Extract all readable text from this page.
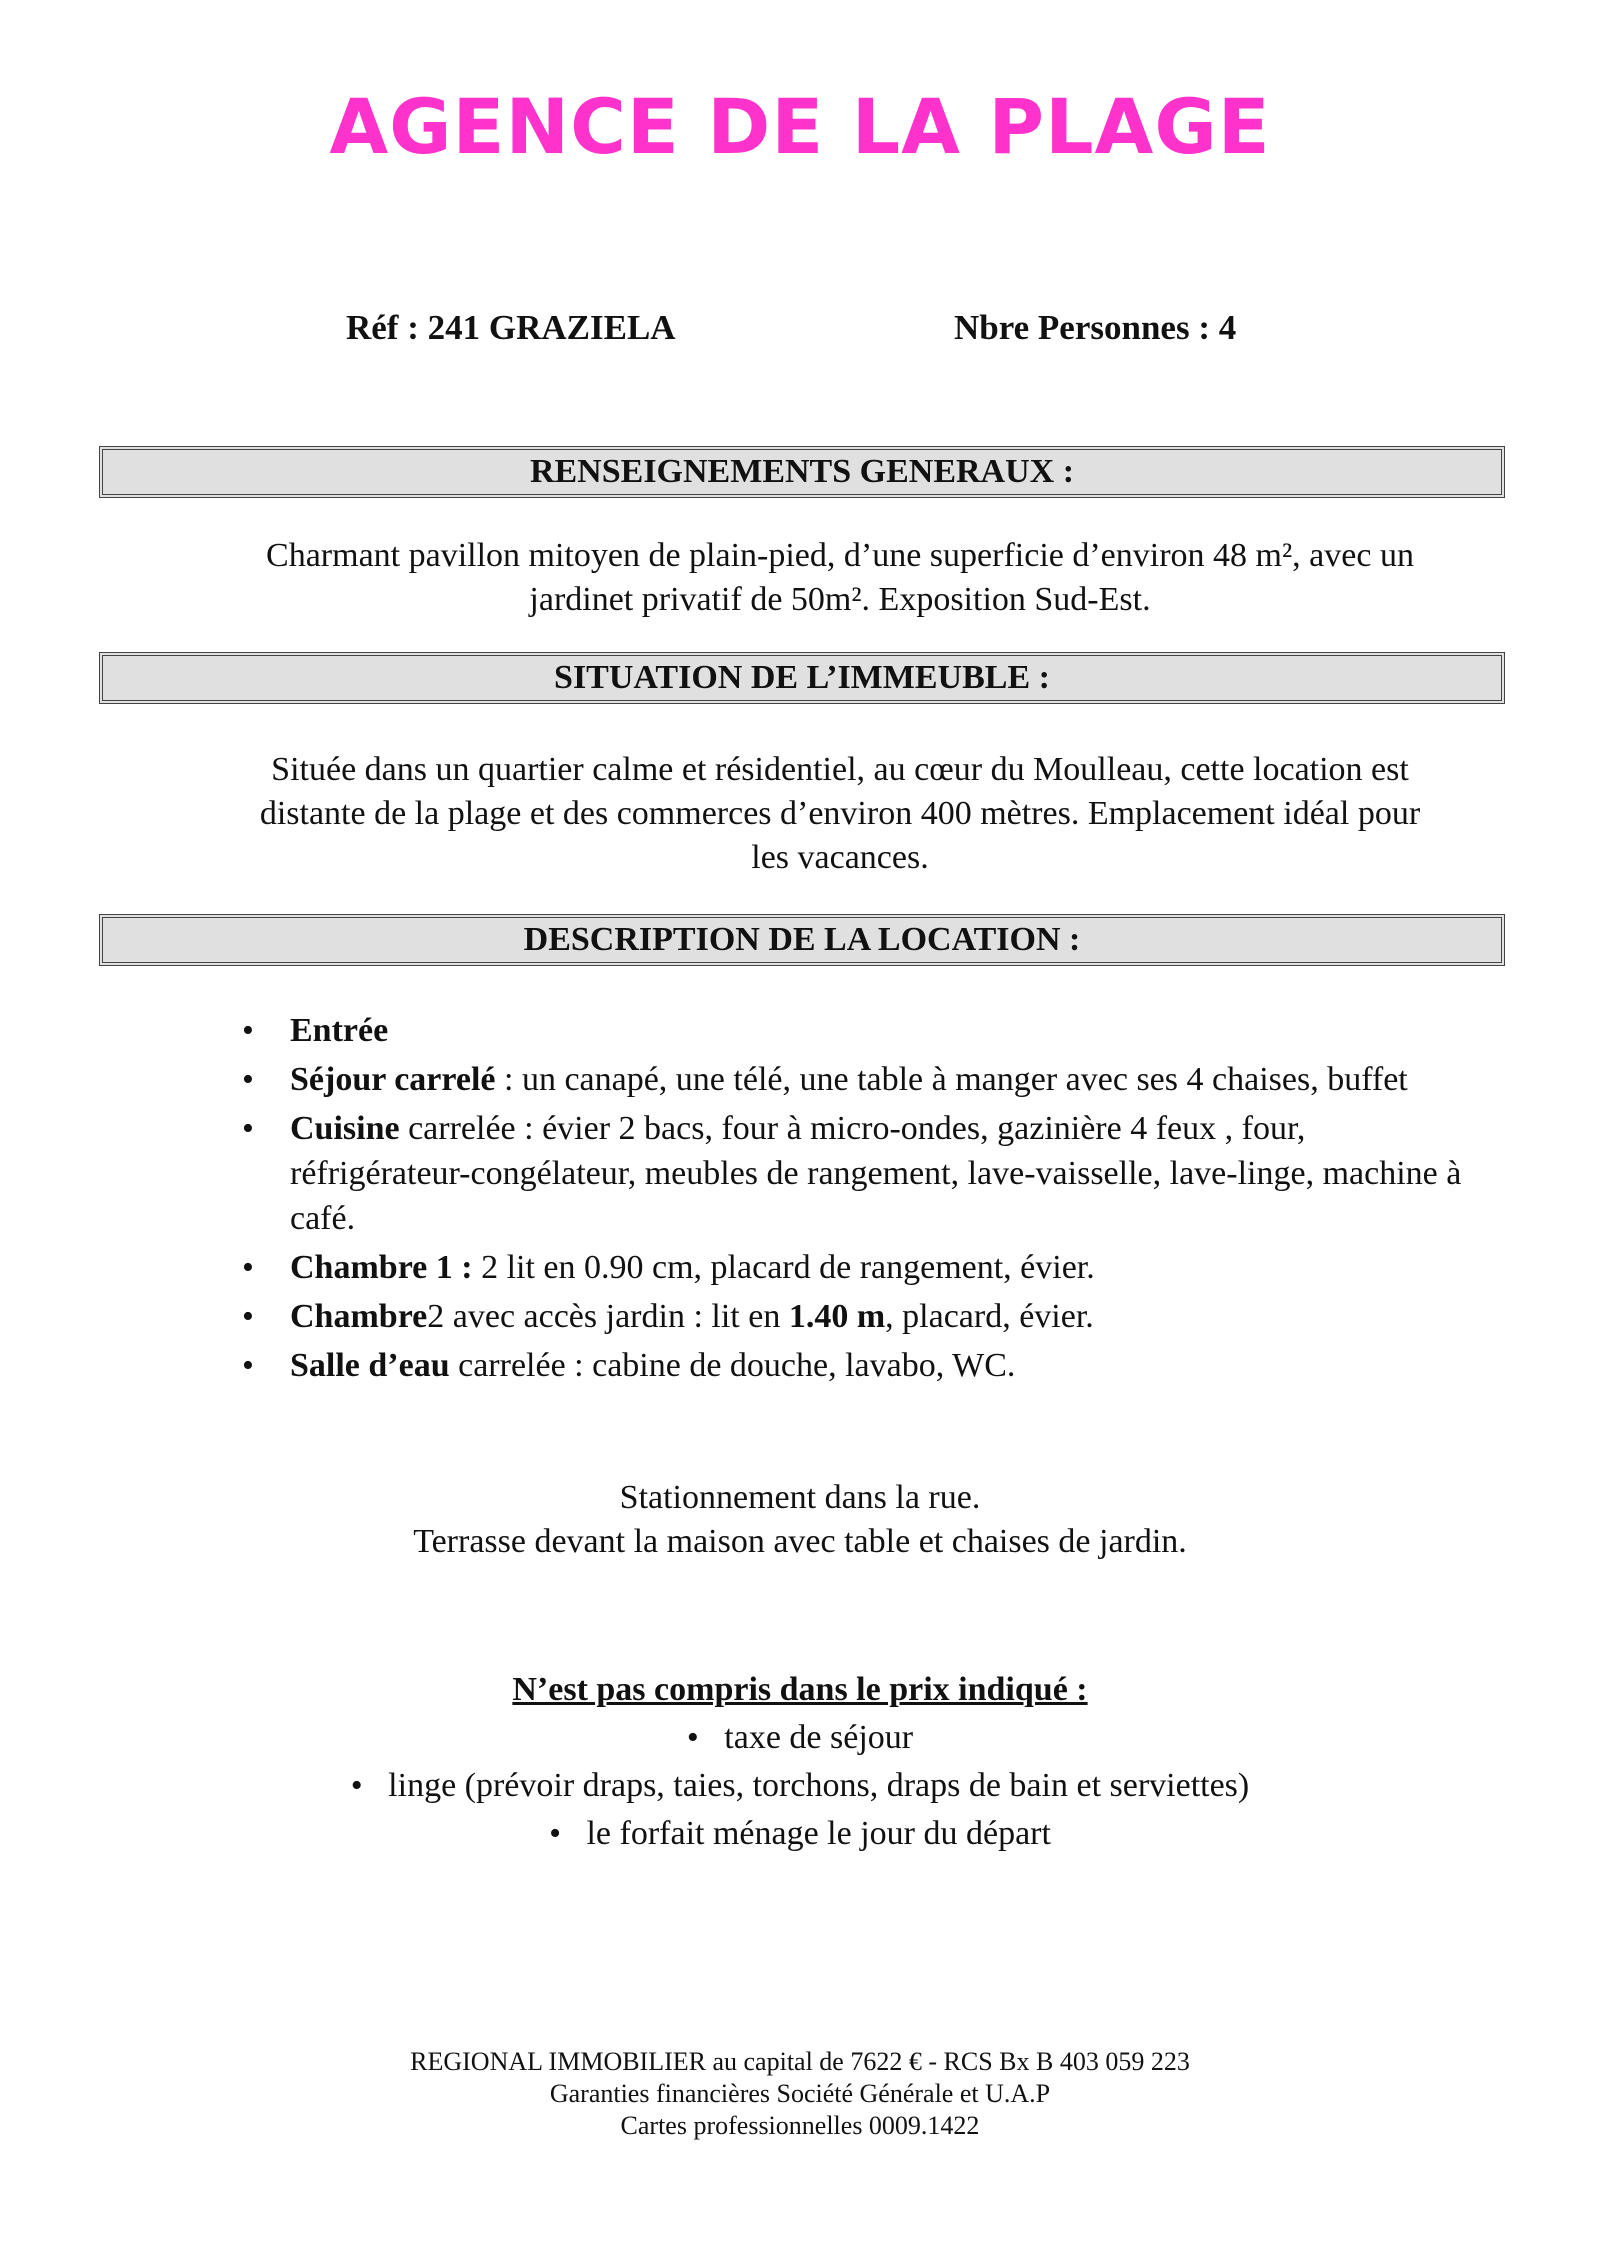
AGENCE DE LA PLAGE
Réf : 241 GRAZIELA	Nbre Personnes : 4
RENSEIGNEMENTS GENERAUX :
Charmant pavillon mitoyen de plain-pied, d’une superficie d’environ 48 m², avec un
jardinet privatif de 50m². Exposition Sud-Est.
SITUATION DE L’IMMEUBLE :
Située dans un quartier calme et résidentiel, au cœur du Moulleau, cette location est
distante de la plage et des commerces d’environ 400 mètres. Emplacement idéal pour
les vacances.
DESCRIPTION DE LA LOCATION :
• Entrée
• Séjour carrelé : un canapé, une télé, une table à manger avec ses 4 chaises, buffet
• Cuisine carrelée : évier 2 bacs, four à micro-ondes, gazinière 4 feux , four, réfrigérateur-congélateur, meubles de rangement, lave-vaisselle, lave-linge, machine à café.
• Chambre 1 : 2 lit en 0.90 cm, placard de rangement, évier.
• Chambre2 avec accès jardin : lit en 1.40 m, placard, évier.
• Salle d’eau carrelée : cabine de douche, lavabo, WC.
Stationnement dans la rue.
Terrasse devant la maison avec table et chaises de jardin.
N’est pas compris dans le prix indiqué :
• taxe de séjour
• linge (prévoir draps, taies, torchons, draps de bain et serviettes)
• le forfait ménage le jour du départ
REGIONAL IMMOBILIER au capital de 7622 € - RCS Bx B 403 059 223
Garanties financières Société Générale et U.A.P
Cartes professionnelles 0009.1422
